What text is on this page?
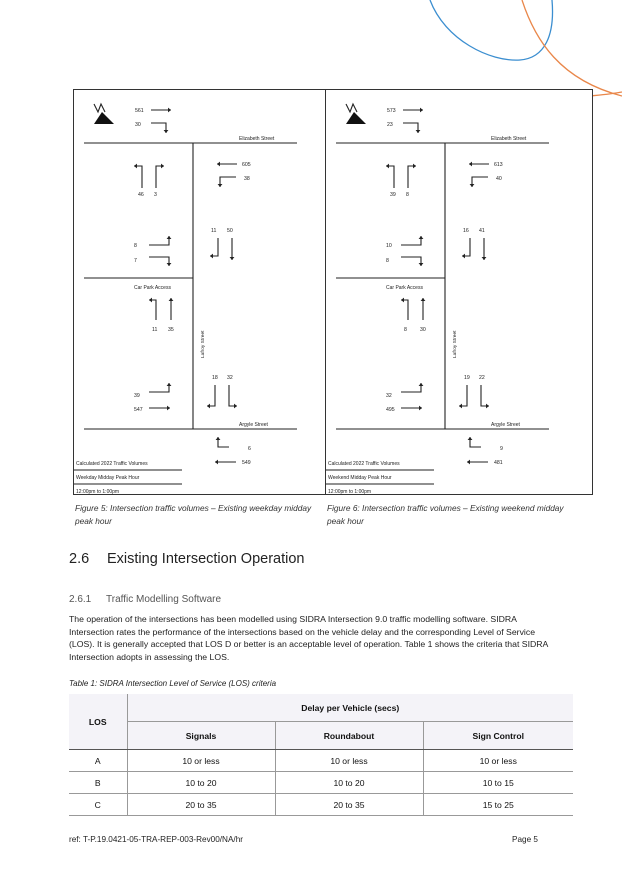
Elizabeth Street
Car Park Access
Argyle Street
Lafroy Street
561
30
605
38
46 3
11 50
8
7
11 35
39
547
18 32
6
549
Calculated 2022 Traffic Volumes
Weekday Midday Peak Hour
12:00pm to 1:00pm
Figure 5: Intersection traffic volumes – Existing weekday midday peak hour
Elizabeth Street
Car Park Access
Argyle Street
Lafroy Street
573
23
613
40
39 8
16 41
10
8
8	30
32
495
19 22
9
481
Calculated 2022 Traffic Volumes
Weekend Midday Peak Hour
12:00pm to 1:00pm
Figure 6: Intersection traffic volumes – Existing weekend midday peak hour
2.6 Existing Intersection Operation
2.6.1 Traffic Modelling Software
The operation of the intersections has been modelled using SIDRA Intersection 9.0 traffic modelling software. SIDRA Intersection rates the performance of the intersections based on the vehicle delay and the corresponding Level of Service (LOS). It is generally accepted that LOS D or better is an acceptable level of operation. Table 1 shows the criteria that SIDRA Intersection adopts in assessing the LOS.
Table 1: SIDRA Intersection Level of Service (LOS) criteria
LOS	Delay per Vehicle (secs)		
	Signals	Roundabout	Sign Control
A	10 or less	10 or less	10 or less
B	10 to 20	10 to 20	10 to 15
C	20 to 35	20 to 35	15 to 25
ref: T-P.19.0421-05-TRA-REP-003-Rev00/NA/hr	Page 5
